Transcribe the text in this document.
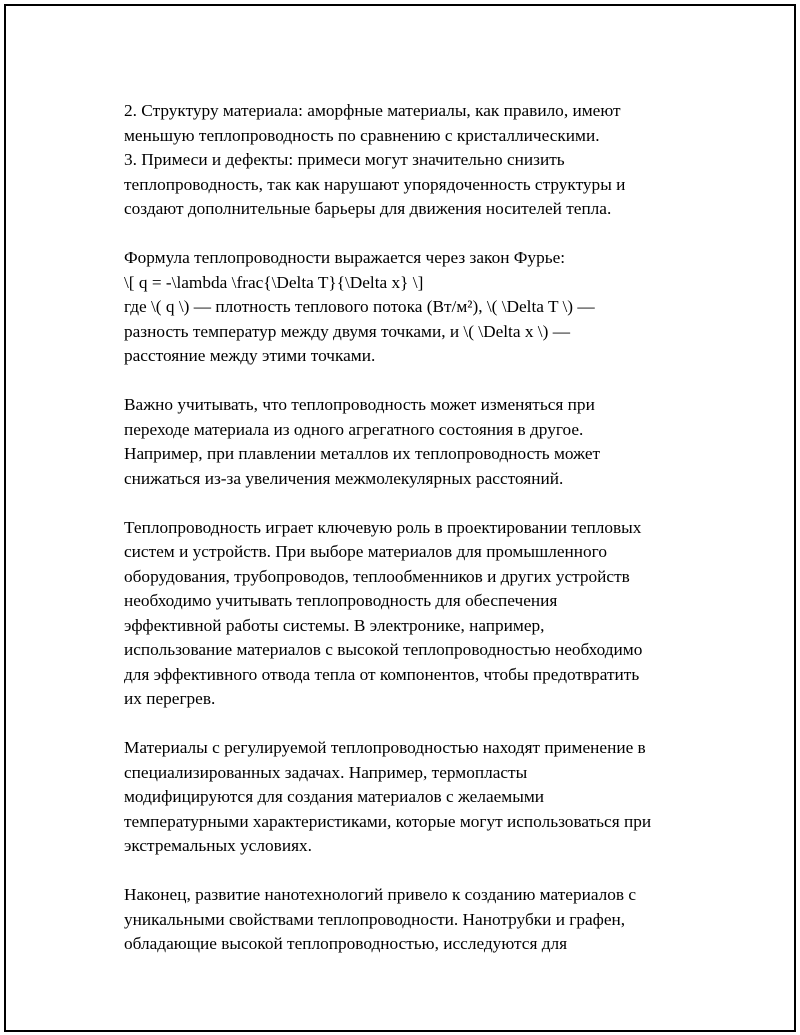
2. Структуру материала: аморфные материалы, как правило, имеют
меньшую теплопроводность по сравнению с кристаллическими.
3. Примеси и дефекты: примеси могут значительно снизить
теплопроводность, так как нарушают упорядоченность структуры и
создают дополнительные барьеры для движения носителей тепла.

Формула теплопроводности выражается через закон Фурье:
\[ q = -\lambda \frac{\Delta T}{\Delta x} \]
где \( q \) — плотность теплового потока (Вт/м²), \( \Delta T \) —
разность температур между двумя точками, и \( \Delta x \) —
расстояние между этими точками.

Важно учитывать, что теплопроводность может изменяться при
переходе материала из одного агрегатного состояния в другое.
Например, при плавлении металлов их теплопроводность может
снижаться из-за увеличения межмолекулярных расстояний.

Теплопроводность играет ключевую роль в проектировании тепловых
систем и устройств. При выборе материалов для промышленного
оборудования, трубопроводов, теплообменников и других устройств
необходимо учитывать теплопроводность для обеспечения
эффективной работы системы. В электронике, например,
использование материалов с высокой теплопроводностью необходимо
для эффективного отвода тепла от компонентов, чтобы предотвратить
их перегрев.

Материалы с регулируемой теплопроводностью находят применение в
специализированных задачах. Например, термопласты
модифицируются для создания материалов с желаемыми
температурными характеристиками, которые могут использоваться при
экстремальных условиях.

Наконец, развитие нанотехнологий привело к созданию материалов с
уникальными свойствами теплопроводности. Нанотрубки и графен,
обладающие высокой теплопроводностью, исследуются для
